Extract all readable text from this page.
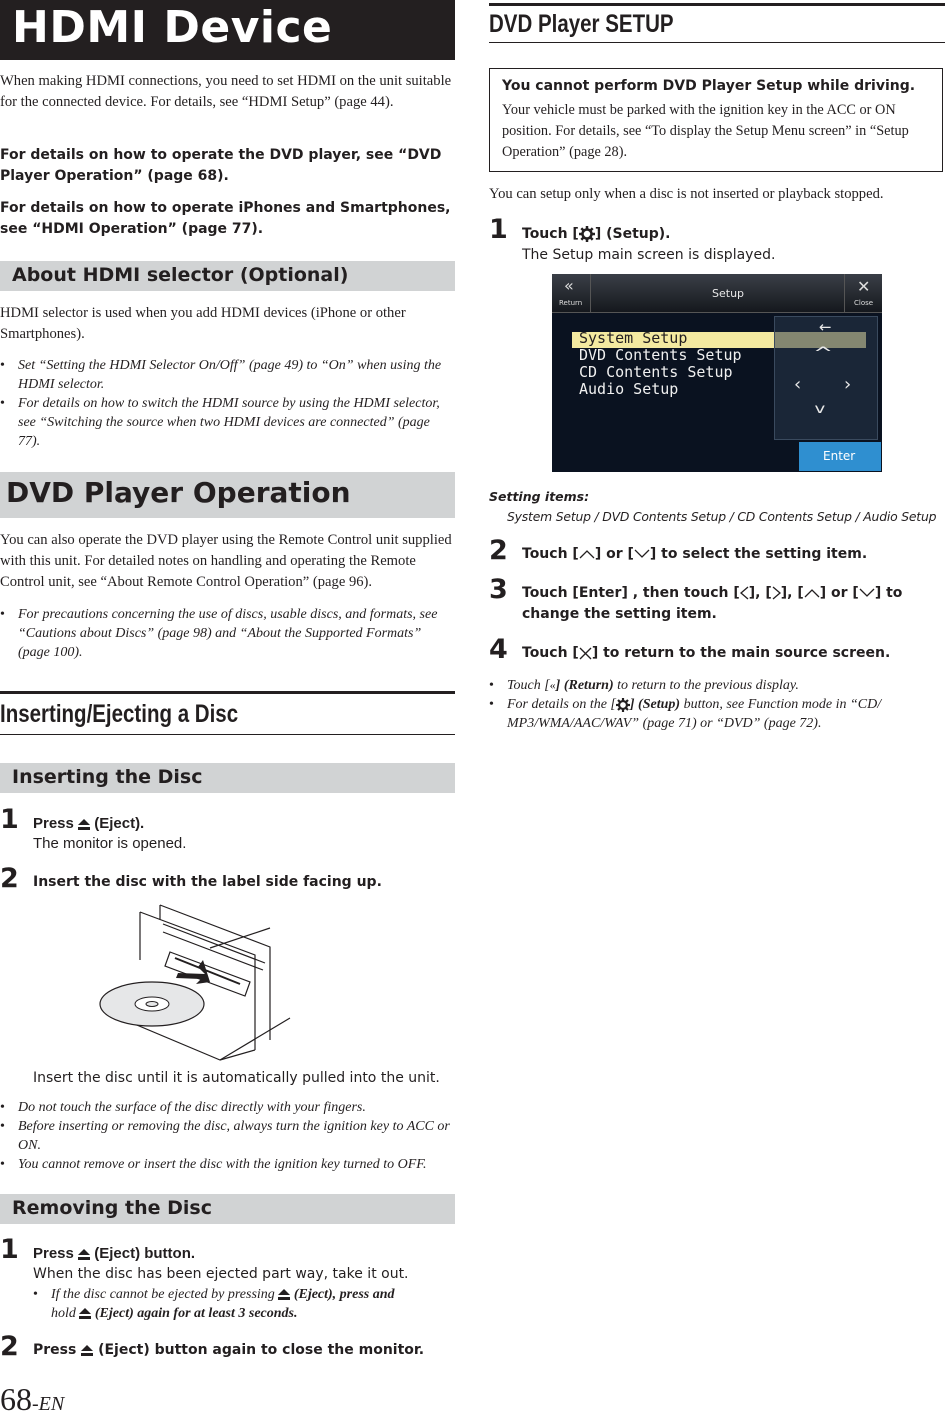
HDMI Device
When making HDMI connections, you need to set HDMI on the unit suitable for the connected device. For details, see “HDMI Setup” (page 44).
For details on how to operate the DVD player, see “DVD Player Operation” (page 68).
For details on how to operate iPhones and Smartphones, see “HDMI Operation” (page 77).
About HDMI selector (Optional)
HDMI selector is used when you add HDMI devices (iPhone or other Smartphones).
• Set “Setting the HDMI Selector On/Off” (page 49) to “On” when using the HDMI selector.
• For details on how to switch the HDMI source by using the HDMI selector, see “Switching the source when two HDMI devices are connected” (page 77).
DVD Player Operation
You can also operate the DVD player using the Remote Control unit supplied with this unit. For detailed notes on handling and operating the Remote Control unit, see “About Remote Control Operation” (page 96).
• For precautions concerning the use of discs, usable discs, and formats, see “Cautions about Discs” (page 98) and “About the Supported Formats” (page 100).
Inserting/Ejecting a Disc
Inserting the Disc
1 Press (Eject).
The monitor is opened.
2 Insert the disc with the label side facing up.
Insert the disc until it is automatically pulled into the unit.
• Do not touch the surface of the disc directly with your fingers.
• Before inserting or removing the disc, always turn the ignition key to ACC or ON.
• You cannot remove or insert the disc with the ignition key turned to OFF.
Removing the Disc
1 Press (Eject) button.
When the disc has been ejected part way, take it out.
• If the disc cannot be ejected by pressing (Eject), press and
hold (Eject) again for at least 3 seconds.
2 Press (Eject) button again to close the monitor.
68-EN
DVD Player SETUP
You cannot perform DVD Player Setup while driving.
Your vehicle must be parked with the ignition key in the ACC or ON position. For details, see “To display the Setup Menu screen” in “Setup Operation” (page 28).
You can setup only when a disc is not inserted or playback stopped.
1 Touch [ ] (Setup).
The Setup main screen is displayed.
«
Return
Setup	✕
Close
System Setup
DVD Contents Setup
CD Contents Setup
Audio Setup
←
^
‹ ›
v
Enter
Setting items:
System Setup / DVD Contents Setup / CD Contents Setup / Audio Setup
2 Touch [ ] or [ ] to select the setting item.
3 Touch [Enter] , then touch [ ], [ ], [ ] or [ ] to
change the setting item.
4 Touch [ ] to return to the main source screen.
• Touch [«] (Return) to return to the previous display.
• For details on the [ ] (Setup) button, see Function mode in “CD/
MP3/WMA/AAC/WAV” (page 71) or “DVD” (page 72).
